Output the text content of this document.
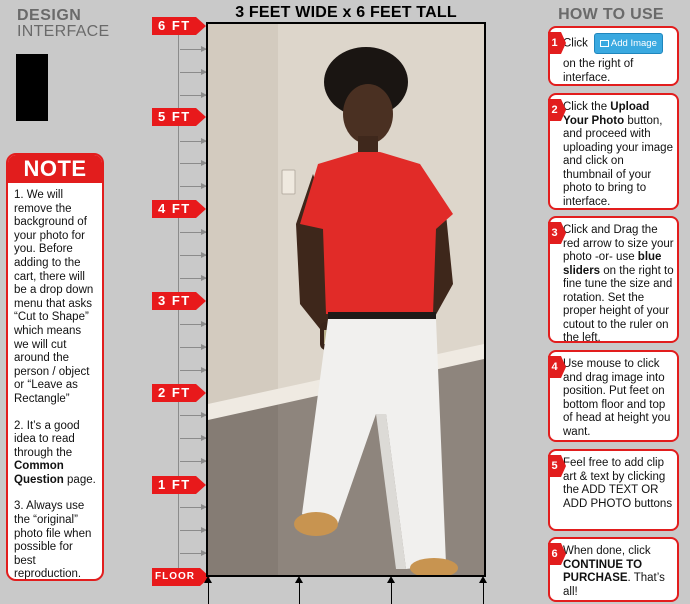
DESIGN
INTERFACE
NOTE

1. We will remove the background of your photo for you. Before adding to the cart, there will be a drop down menu that asks “Cut to Shape” which means we will cut around the person / object or “Leave as Rectangle”

2. It’s a good idea to read through the Common Question page.

3. Always use the “original” photo file when possible for best reproduction.

3 FEET WIDE x 6 FEET TALL
6 FT
5 FT
4 FT
3 FT
2 FT
1 FT
FLOOR
HOW TO USE
1 Click Add Image
on the right of interface.
2 Click the Upload Your Photo button, and proceed with uploading your image and click on thumbnail of your photo to bring to interface.
3 Click and Drag the red arrow to size your photo -or- use blue sliders on the right to fine tune the size and rotation. Set the proper height of your cutout to the ruler on the left.
4 Use mouse to click and drag image into position. Put feet on bottom floor and top of head at height you want.
5 Feel free to add clip art & text by clicking the ADD TEXT OR ADD PHOTO buttons
6 When done, click CONTINUE TO PURCHASE. That’s all!
